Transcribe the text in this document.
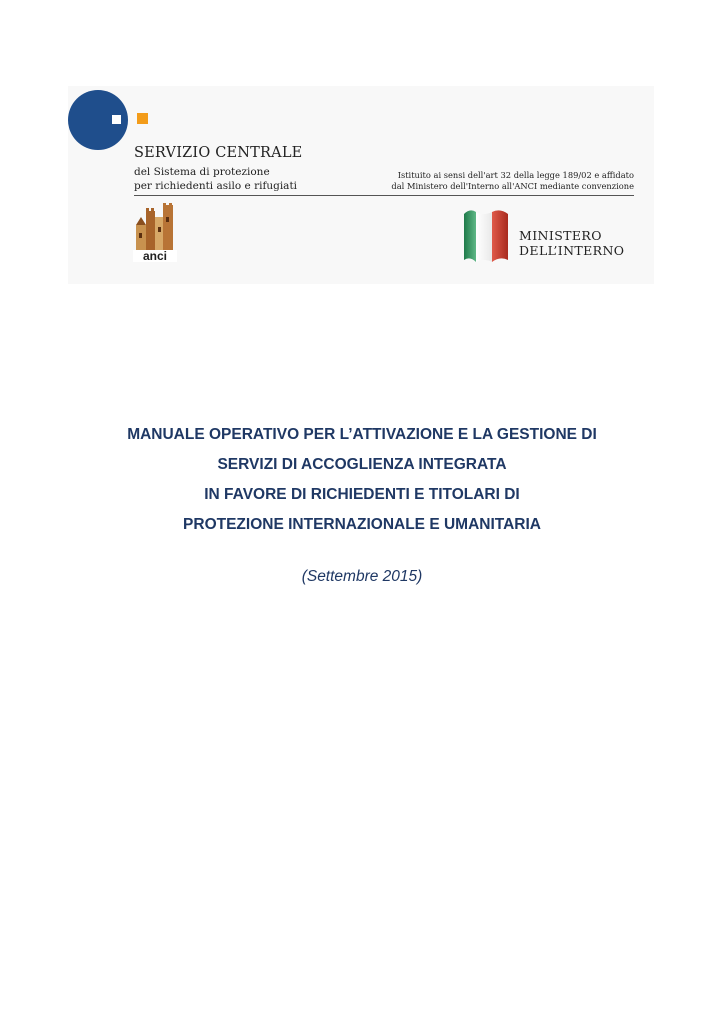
SERVIZIO CENTRALE
del Sistema di protezione
per richiedenti asilo e rifugiati
Istituito ai sensi dell'art 32 della legge 189/02 e affidato
dal Ministero dell'Interno all'ANCI mediante convenzione
anci
MINISTERO
DELL’INTERNO
MANUALE OPERATIVO PER L’ATTIVAZIONE E LA GESTIONE DI
SERVIZI DI ACCOGLIENZA INTEGRATA
IN FAVORE DI RICHIEDENTI E TITOLARI DI
PROTEZIONE INTERNAZIONALE E UMANITARIA
(Settembre 2015)
